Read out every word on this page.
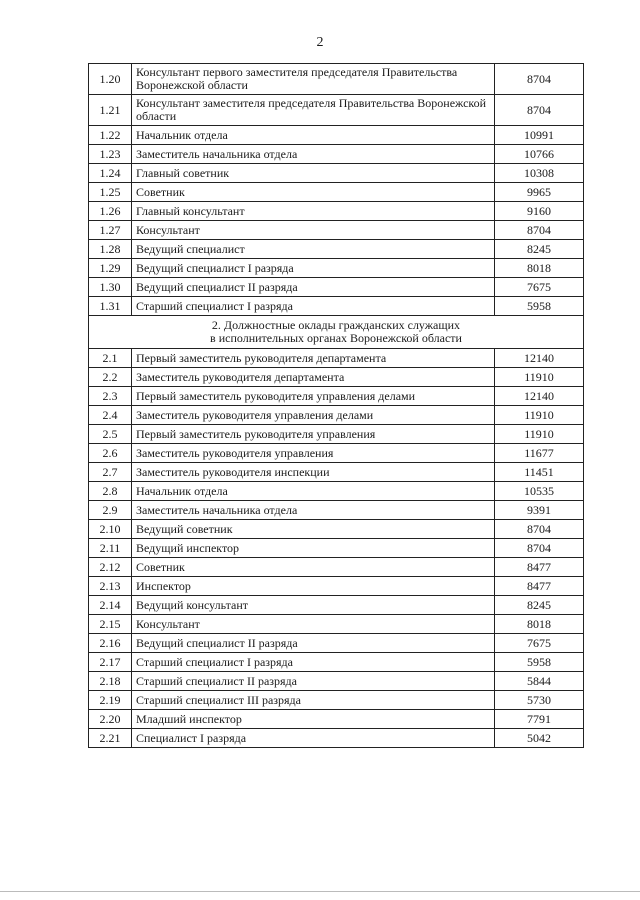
2
1.20	Консультант первого заместителя председателя Правительства Воронежской области	8704
1.21	Консультант заместителя председателя Правительства Воронежской области	8704
1.22	Начальник отдела	10991
1.23	Заместитель начальника отдела	10766
1.24	Главный советник	10308
1.25	Советник	9965
1.26	Главный консультант	9160
1.27	Консультант	8704
1.28	Ведущий специалист	8245
1.29	Ведущий специалист I разряда	8018
1.30	Ведущий специалист II разряда	7675
1.31	Старший специалист I разряда	5958
2. Должностные оклады гражданских служащих
в исполнительных органах Воронежской области		
2.1	Первый заместитель руководителя департамента	12140
2.2	Заместитель руководителя департамента	11910
2.3	Первый заместитель руководителя управления делами	12140
2.4	Заместитель руководителя управления делами	11910
2.5	Первый заместитель руководителя управления	11910
2.6	Заместитель руководителя управления	11677
2.7	Заместитель руководителя инспекции	11451
2.8	Начальник отдела	10535
2.9	Заместитель начальника отдела	9391
2.10	Ведущий советник	8704
2.11	Ведущий инспектор	8704
2.12	Советник	8477
2.13	Инспектор	8477
2.14	Ведущий консультант	8245
2.15	Консультант	8018
2.16	Ведущий специалист II разряда	7675
2.17	Старший специалист I разряда	5958
2.18	Старший специалист II разряда	5844
2.19	Старший специалист III разряда	5730
2.20	Младший инспектор	7791
2.21	Специалист I разряда	5042
